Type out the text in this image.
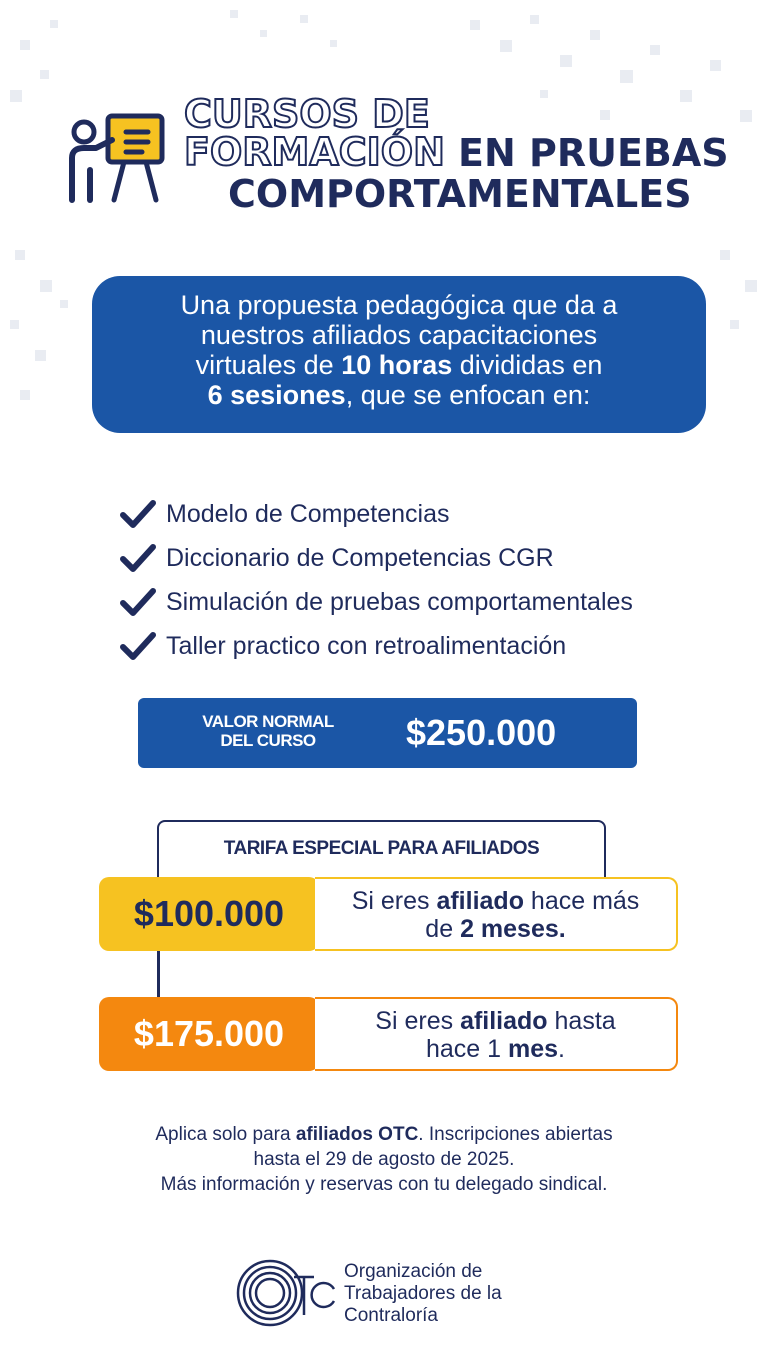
CURSOS DE
FORMACIÓN EN PRUEBAS
COMPORTAMENTALES
Una propuesta pedagógica que da a
nuestros afiliados capacitaciones
virtuales de 10 horas divididas en
6 sesiones, que se enfocan en:
Modelo de Competencias
Diccionario de Competencias CGR
Simulación de pruebas comportamentales
Taller practico con retroalimentación
VALOR NORMAL
DEL CURSO	$250.000
TARIFA ESPECIAL PARA AFILIADOS
$100.000	Si eres afiliado hace más
de 2 meses.
$175.000	Si eres afiliado hasta
hace 1 mes.
Aplica solo para afiliados OTC. Inscripciones abiertas
hasta el 29 de agosto de 2025.
Más información y reservas con tu delegado sindical.
Organización de
Trabajadores de la
Contraloría
